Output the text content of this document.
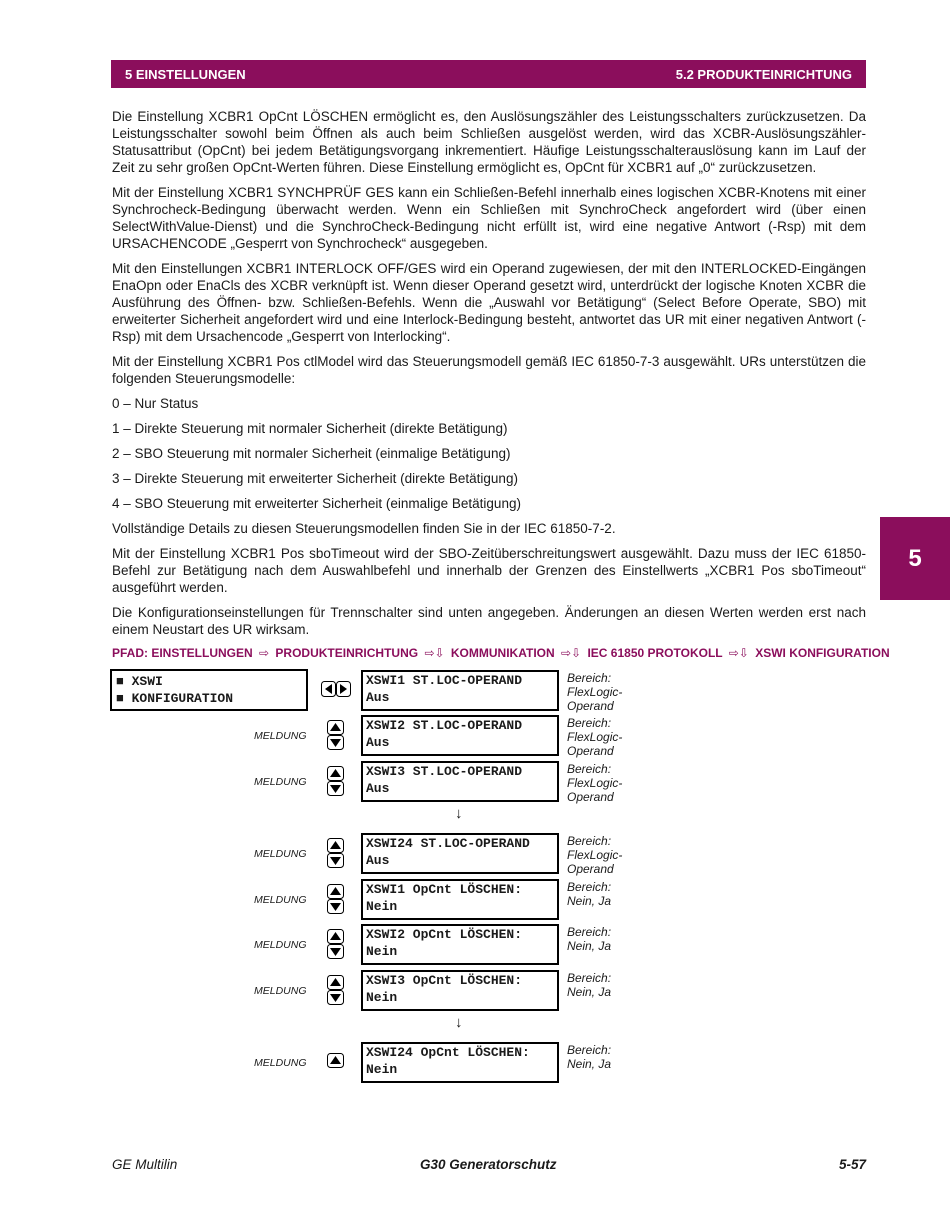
5 EINSTELLUNGEN	5.2 PRODUKTEINRICHTUNG
5

Die Einstellung XCBR1 OpCnt LÖSCHEN ermöglicht es, den Auslösungszähler des Leistungsschalters zurückzusetzen. Da Leistungsschalter sowohl beim Öffnen als auch beim Schließen ausgelöst werden, wird das XCBR-Auslösungszähler-Statusattribut (OpCnt) bei jedem Betätigungsvorgang inkrementiert. Häufige Leistungsschalterauslösung kann im Lauf der Zeit zu sehr großen OpCnt-Werten führen. Diese Einstellung ermöglicht es, OpCnt für XCBR1 auf „0“ zurückzusetzen.

Mit der Einstellung XCBR1 SYNCHPRÜF GES kann ein Schließen-Befehl innerhalb eines logischen XCBR-Knotens mit einer Synchrocheck-Bedingung überwacht werden. Wenn ein Schließen mit SynchroCheck angefordert wird (über einen SelectWithValue-Dienst) und die SynchroCheck-Bedingung nicht erfüllt ist, wird eine negative Antwort (-Rsp) mit dem URSACHENCODE „Gesperrt von Synchrocheck“ ausgegeben.

Mit den Einstellungen XCBR1 INTERLOCK OFF/GES wird ein Operand zugewiesen, der mit den INTERLOCKED-Eingängen EnaOpn oder EnaCls des XCBR verknüpft ist. Wenn dieser Operand gesetzt wird, unterdrückt der logische Knoten XCBR die Ausführung des Öffnen- bzw. Schließen-Befehls. Wenn die „Auswahl vor Betätigung“ (Select Before Operate, SBO) mit erweiterter Sicherheit angefordert wird und eine Interlock-Bedingung besteht, antwortet das UR mit einer negativen Antwort (-Rsp) mit dem Ursachencode „Gesperrt von Interlocking“.

Mit der Einstellung XCBR1 Pos ctlModel wird das Steuerungsmodell gemäß IEC 61850-7-3 ausgewählt. URs unterstützen die folgenden Steuerungsmodelle:

0 – Nur Status

1 – Direkte Steuerung mit normaler Sicherheit (direkte Betätigung)

2 – SBO Steuerung mit normaler Sicherheit (einmalige Betätigung)

3 – Direkte Steuerung mit erweiterter Sicherheit (direkte Betätigung)

4 – SBO Steuerung mit erweiterter Sicherheit (einmalige Betätigung)

Vollständige Details zu diesen Steuerungsmodellen finden Sie in der IEC 61850-7-2.

Mit der Einstellung XCBR1 Pos sboTimeout wird der SBO-Zeitüberschreitungswert ausgewählt. Dazu muss der IEC 61850-Befehl zur Betätigung nach dem Auswahlbefehl und innerhalb der Grenzen des Einstellwerts „XCBR1 Pos sboTimeout“ ausgeführt werden.

Die Konfigurationseinstellungen für Trennschalter sind unten angegeben. Änderungen an diesen Werten werden erst nach einem Neustart des UR wirksam.

PFAD: EINSTELLUNGEN ⇨ PRODUKTEINRICHTUNG ⇨⇩ KOMMUNIKATION ⇨⇩ IEC 61850 PROTOKOLL ⇨⇩ XSWI KONFIGURATION
■ XSWI
■ KONFIGURATION
XSWI1 ST.LOC-OPERAND
Aus
Bereich: FlexLogic-Operand
XSWI2 ST.LOC-OPERAND
Aus
Bereich: FlexLogic-Operand
MELDUNG
XSWI3 ST.LOC-OPERAND
Aus
Bereich: FlexLogic-Operand
MELDUNG
XSWI24 ST.LOC-OPERAND
Aus
Bereich: FlexLogic-Operand
MELDUNG
XSWI1 OpCnt LÖSCHEN:
Nein
Bereich: Nein, Ja
MELDUNG
XSWI2 OpCnt LÖSCHEN:
Nein
Bereich: Nein, Ja
MELDUNG
XSWI3 OpCnt LÖSCHEN:
Nein
Bereich: Nein, Ja
MELDUNG
XSWI24 OpCnt LÖSCHEN:
Nein
Bereich: Nein, Ja
MELDUNG
↓
↓
GE Multilin	G30 Generatorschutz	5-57
